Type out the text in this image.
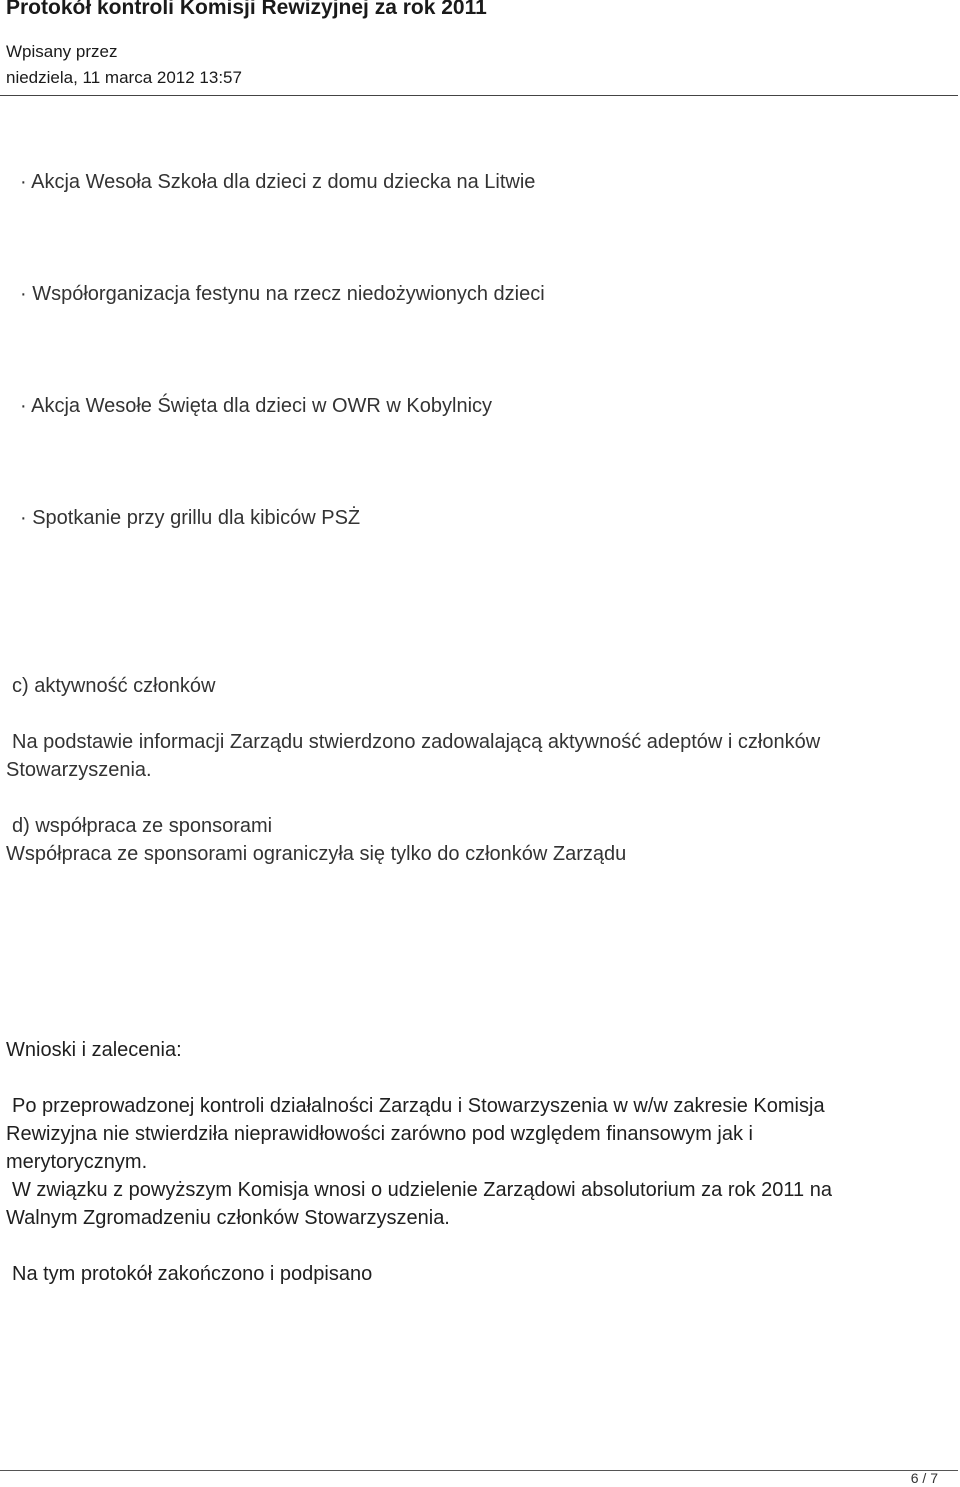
Protokół kontroli Komisji Rewizyjnej za rok 2011
Wpisany przez
niedziela, 11 marca 2012 13:57
· Akcja Wesoła Szkoła dla dzieci z domu dziecka na Litwie
· Współorganizacja festynu na rzecz niedożywionych dzieci
· Akcja Wesołe Święta dla dzieci w OWR w Kobylnicy
· Spotkanie przy grillu dla kibiców PSŻ
c) aktywność członków
Na podstawie informacji Zarządu stwierdzono zadowalającą aktywność adeptów i członków
Stowarzyszenia.
d) współpraca ze sponsorami
Współpraca ze sponsorami ograniczyła się tylko do członków Zarządu
Wnioski i zalecenia:
Po przeprowadzonej kontroli działalności Zarządu i Stowarzyszenia w w/w zakresie Komisja
Rewizyjna nie stwierdziła nieprawidłowości zarówno pod względem finansowym jak i
merytorycznym.
W związku z powyższym Komisja wnosi o udzielenie Zarządowi absolutorium za rok 2011 na
Walnym Zgromadzeniu członków Stowarzyszenia.
Na tym protokół zakończono i podpisano
6 / 7
